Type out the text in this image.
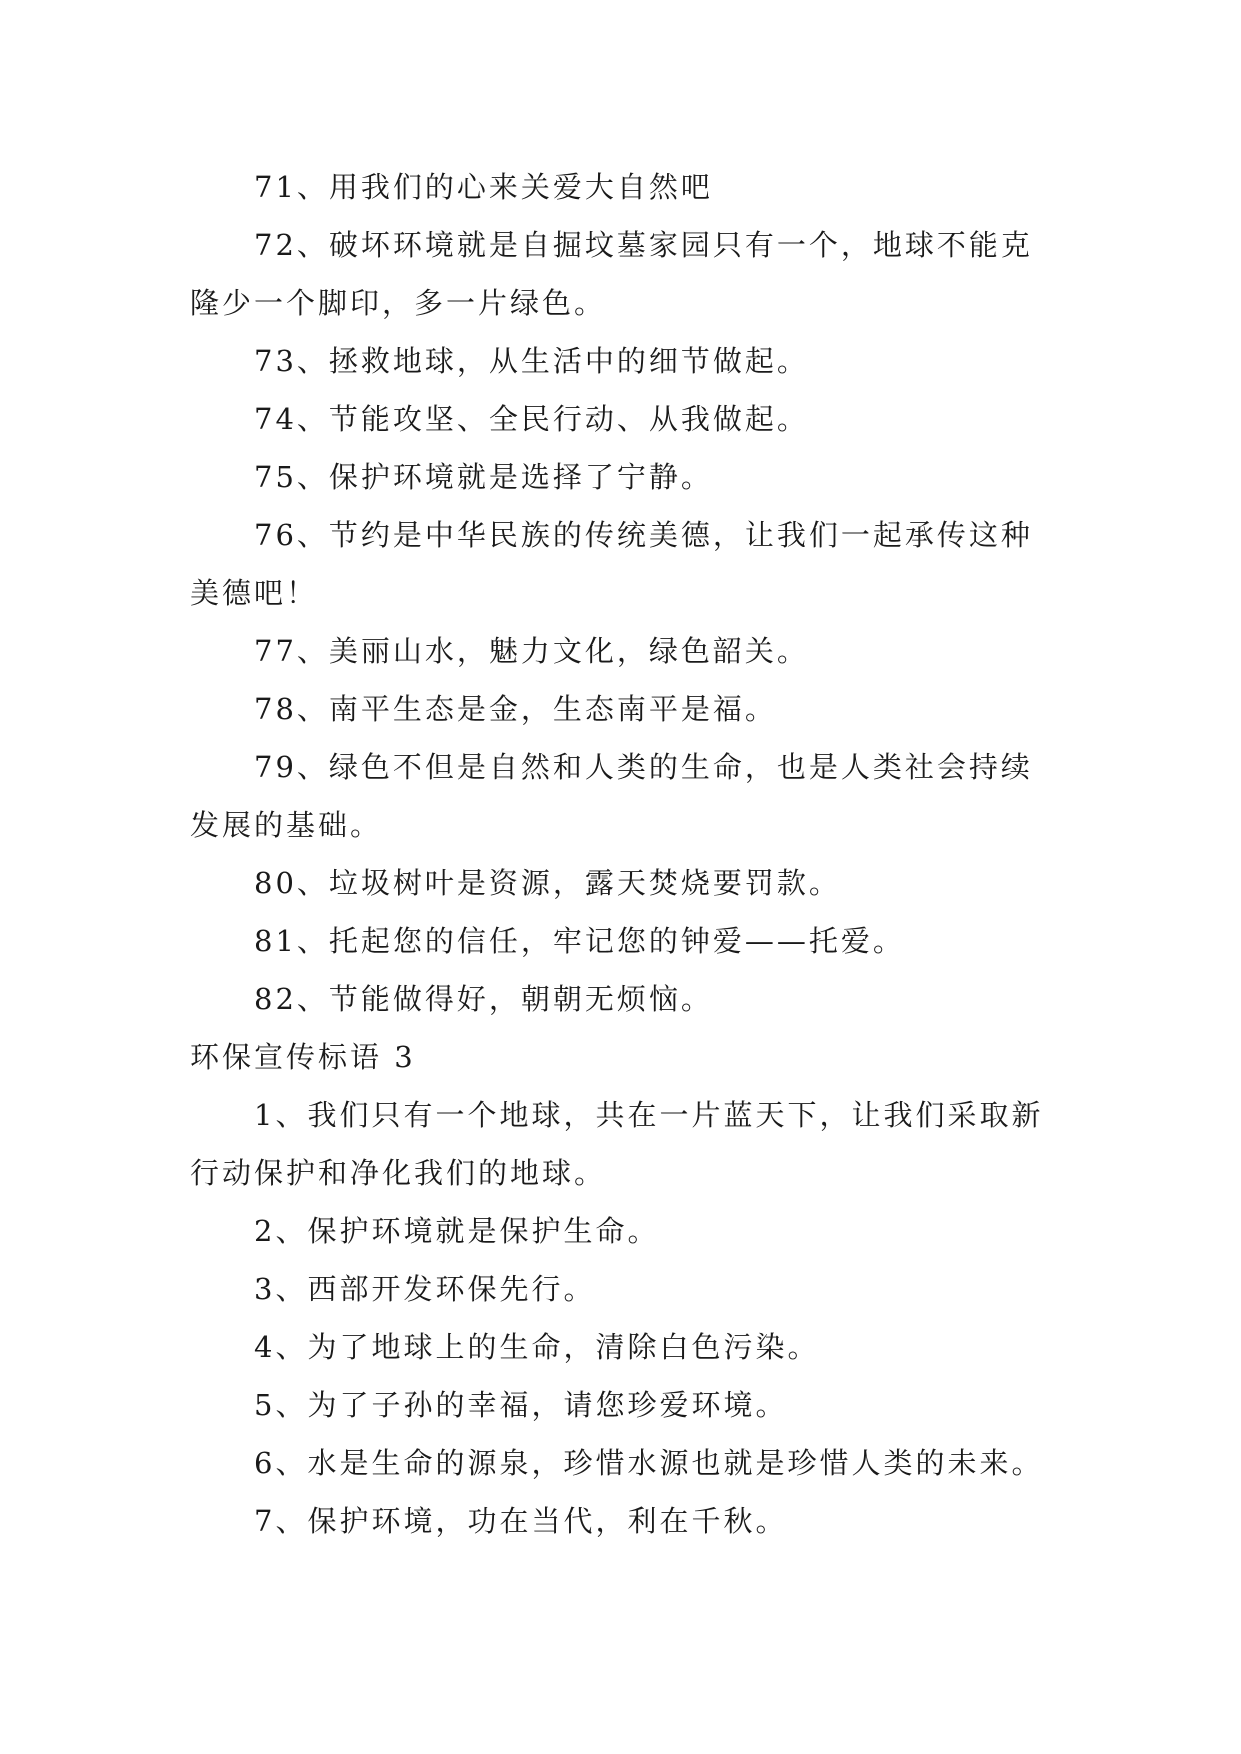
71、用我们的心来关爱大自然吧

72、破坏环境就是自掘坟墓家园只有一个，地球不能克隆少一个脚印，多一片绿色。

73、拯救地球，从生活中的细节做起。

74、节能攻坚、全民行动、从我做起。

75、保护环境就是选择了宁静。

76、节约是中华民族的传统美德，让我们一起承传这种美德吧！

77、美丽山水，魅力文化，绿色韶关。

78、南平生态是金，生态南平是福。

79、绿色不但是自然和人类的生命，也是人类社会持续发展的基础。

80、垃圾树叶是资源，露天焚烧要罚款。

81、托起您的信任，牢记您的钟爱——托爱。

82、节能做得好，朝朝无烦恼。

环保宣传标语 3

1、我们只有一个地球，共在一片蓝天下，让我们采取新行动保护和净化我们的地球。

2、保护环境就是保护生命。

3、西部开发环保先行。

4、为了地球上的生命，清除白色污染。

5、为了子孙的幸福，请您珍爱环境。

6、水是生命的源泉，珍惜水源也就是珍惜人类的未来。

7、保护环境，功在当代，利在千秋。
